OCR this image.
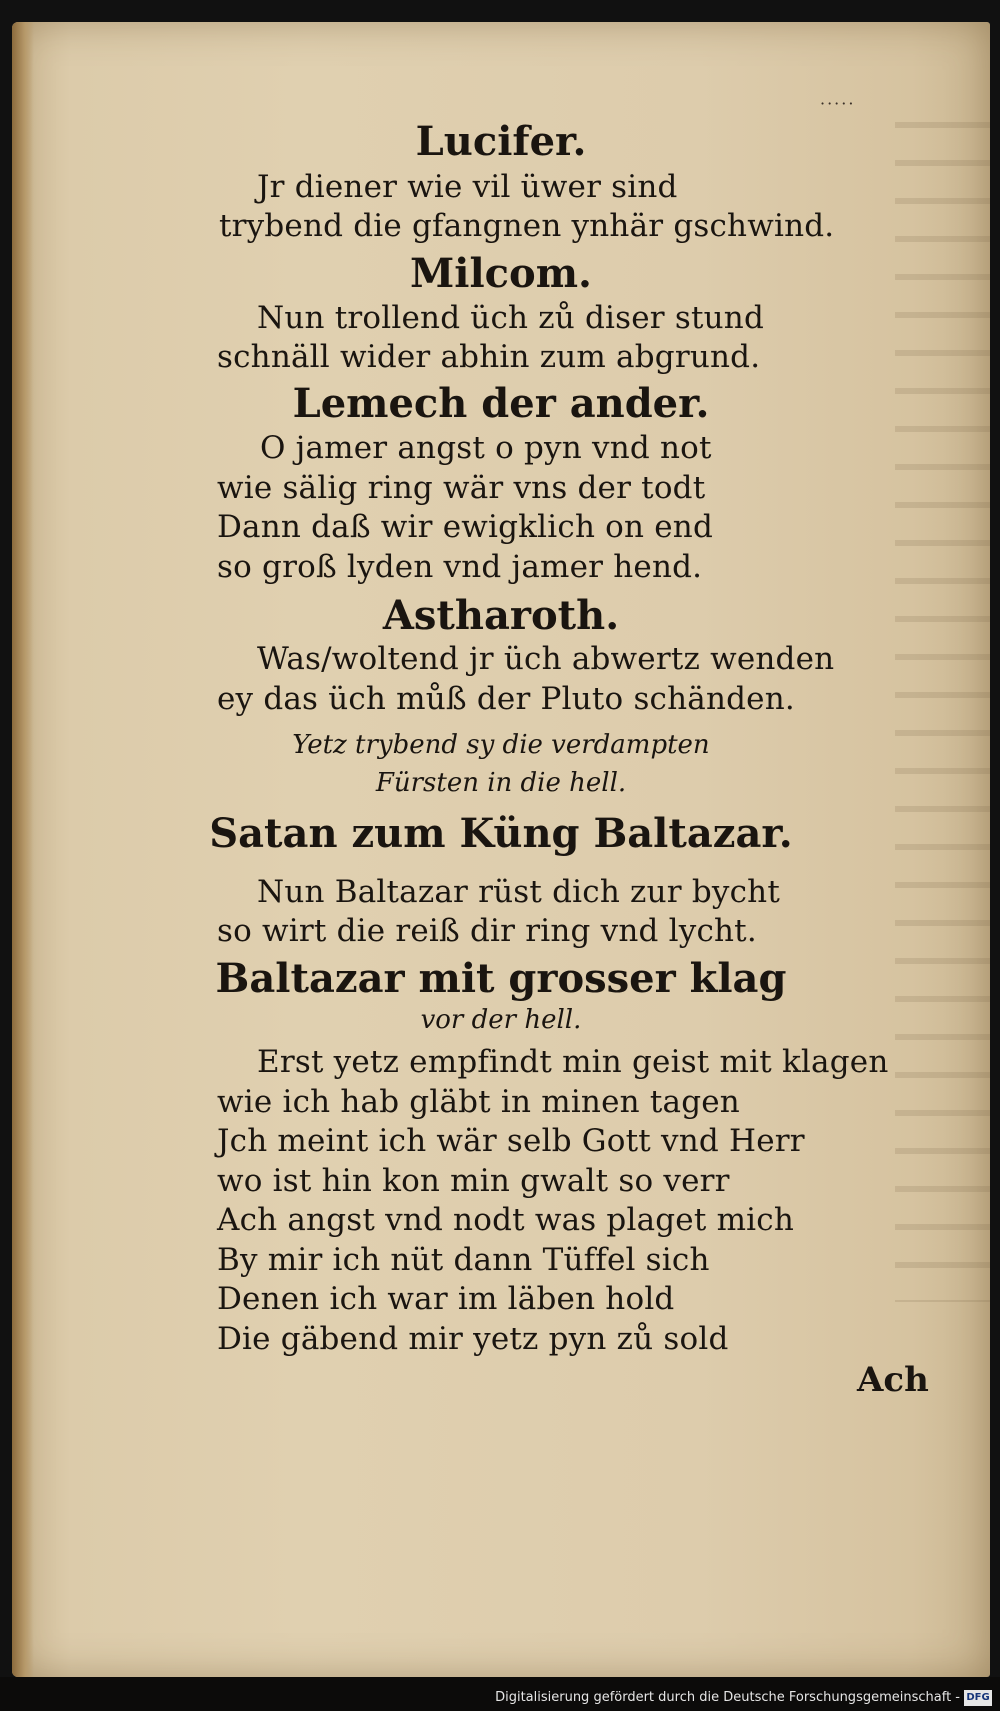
·····
Lucifer.
Jr diener wie vil üwer sind
trybend die gfangnen ynhär gschwind.
Milcom.
Nun trollend üch zů diser stund
schnäll wider abhin zum abgrund.
Lemech der ander.
O jamer angst o pyn vnd not
wie sälig ring wär vns der todt
Dann daß wir ewigklich on end
so groß lyden vnd jamer hend.
Astharoth.
Was/woltend jr üch abwertz wenden
ey das üch můß der Pluto schänden.
Yetz trybend sy die verdampten
Fürsten in die hell.
Satan zum Küng Baltazar.
Nun Baltazar rüst dich zur bycht
so wirt die reiß dir ring vnd lycht.
Baltazar mit grosser klag
vor der hell.
Erst yetz empfindt min geist mit klagen
wie ich hab gläbt in minen tagen
Jch meint ich wär selb Gott vnd Herr
wo ist hin kon min gwalt so verr
Ach angst vnd nodt was plaget mich
By mir ich nüt dann Tüffel sich
Denen ich war im läben hold
Die gäbend mir yetz pyn zů sold
Ach
Digitalisierung gefördert durch die Deutsche Forschungsgemeinschaft - DFG
